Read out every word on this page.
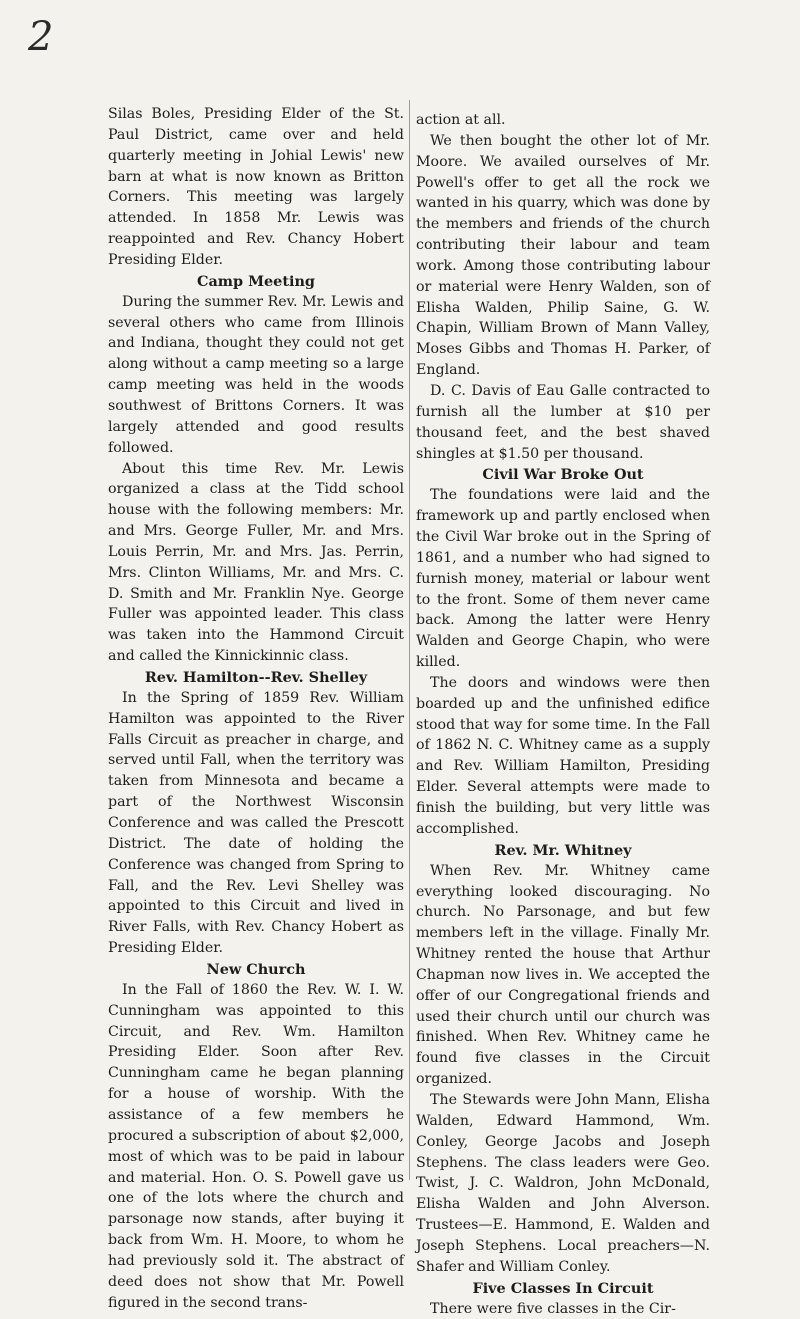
2

Silas Boles, Presiding Elder of the St. Paul District, came over and held quarterly meeting in Johial Lewis' new barn at what is now known as Britton Corners. This meeting was largely attended. In 1858 Mr. Lewis was reappointed and Rev. Chancy Hobert Presiding Elder.

Camp Meeting

During the summer Rev. Mr. Lewis and several others who came from Illinois and Indiana, thought they could not get along without a camp meeting so a large camp meeting was held in the woods southwest of Brittons Corners. It was largely attended and good results followed.

About this time Rev. Mr. Lewis organized a class at the Tidd school house with the following members: Mr. and Mrs. George Fuller, Mr. and Mrs. Louis Perrin, Mr. and Mrs. Jas. Perrin, Mrs. Clinton Williams, Mr. and Mrs. C. D. Smith and Mr. Franklin Nye. George Fuller was appointed leader. This class was taken into the Hammond Circuit and called the Kinnickinnic class.

Rev. Hamilton--Rev. Shelley

In the Spring of 1859 Rev. William Hamilton was appointed to the River Falls Circuit as preacher in charge, and served until Fall, when the territory was taken from Minnesota and became a part of the Northwest Wisconsin Conference and was called the Prescott District. The date of holding the Conference was changed from Spring to Fall, and the Rev. Levi Shelley was appointed to this Circuit and lived in River Falls, with Rev. Chancy Hobert as Presiding Elder.

New Church

In the Fall of 1860 the Rev. W. I. W. Cunningham was appointed to this Circuit, and Rev. Wm. Hamilton Presiding Elder. Soon after Rev. Cunningham came he began planning for a house of worship. With the assistance of a few members he procured a subscription of about $2,000, most of which was to be paid in labour and material. Hon. O. S. Powell gave us one of the lots where the church and parsonage now stands, after buying it back from Wm. H. Moore, to whom he had previously sold it. The abstract of deed does not show that Mr. Powell figured in the second trans-

action at all.

We then bought the other lot of Mr. Moore. We availed ourselves of Mr. Powell's offer to get all the rock we wanted in his quarry, which was done by the members and friends of the church contributing their labour and team work. Among those contributing labour or material were Henry Walden, son of Elisha Walden, Philip Saine, G. W. Chapin, William Brown of Mann Valley, Moses Gibbs and Thomas H. Parker, of England.

D. C. Davis of Eau Galle contracted to furnish all the lumber at $10 per thousand feet, and the best shaved shingles at $1.50 per thousand.

Civil War Broke Out

The foundations were laid and the framework up and partly enclosed when the Civil War broke out in the Spring of 1861, and a number who had signed to furnish money, material or labour went to the front. Some of them never came back. Among the latter were Henry Walden and George Chapin, who were killed.

The doors and windows were then boarded up and the unfinished edifice stood that way for some time. In the Fall of 1862 N. C. Whitney came as a supply and Rev. William Hamilton, Presiding Elder. Several attempts were made to finish the building, but very little was accomplished.

Rev. Mr. Whitney

When Rev. Mr. Whitney came everything looked discouraging. No church. No Parsonage, and but few members left in the village. Finally Mr. Whitney rented the house that Arthur Chapman now lives in. We accepted the offer of our Congregational friends and used their church until our church was finished. When Rev. Whitney came he found five classes in the Circuit organized.

The Stewards were John Mann, Elisha Walden, Edward Hammond, Wm. Conley, George Jacobs and Joseph Stephens. The class leaders were Geo. Twist, J. C. Waldron, John McDonald, Elisha Walden and John Alverson. Trustees—E. Hammond, E. Walden and Joseph Stephens. Local preachers—N. Shafer and William Conley.

Five Classes In Circuit

There were five classes in the Cir-
